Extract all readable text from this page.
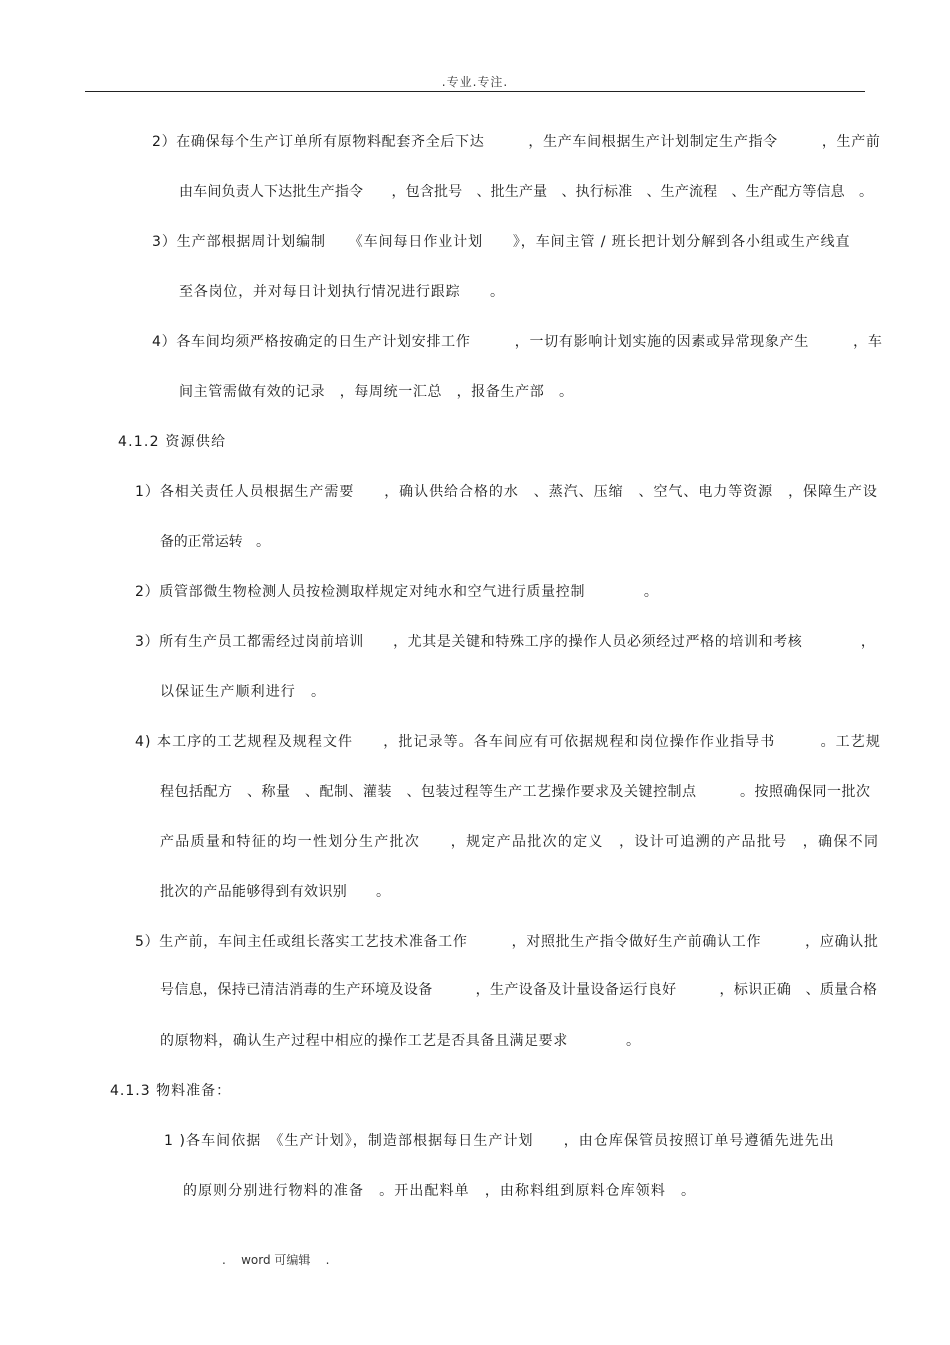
.专业.专注.
2）在确保每个生产订单所有原物料配套齐全后下达　　　，生产车间根据生产计划制定生产指令　　　，生产前
由车间负责人下达批生产指令　　，包含批号　、批生产量　、执行标准　、生产流程　、生产配方等信息　。
3）生产部根据周计划编制　　《车间每日作业计划　　》，车间主管 / 班长把计划分解到各小组或生产线直
至各岗位，并对每日计划执行情况进行跟踪　　。
4）各车间均须严格按确定的日生产计划安排工作　　　，一切有影响计划实施的因素或异常现象产生　　　，车
间主管需做有效的记录　，每周统一汇总　，报备生产部　。
4.1.2 资源供给
1）各相关责任人员根据生产需要　　，确认供给合格的水　、蒸汽、压缩　、空气、电力等资源　，保障生产设
备的正常运转　。
2）质管部微生物检测人员按检测取样规定对纯水和空气进行质量控制　　　　。
3）所有生产员工都需经过岗前培训　　，尤其是关键和特殊工序的操作人员必须经过严格的培训和考核　　　　，
以保证生产顺利进行　。
4) 本工序的工艺规程及规程文件　　，批记录等。各车间应有可依据规程和岗位操作作业指导书　　　。工艺规
程包括配方　、称量　、配制、灌装　、包装过程等生产工艺操作要求及关键控制点　　　。按照确保同一批次
产品质量和特征的均一性划分生产批次　　，规定产品批次的定义　，设计可追溯的产品批号　，确保不同
批次的产品能够得到有效识别　　。
5）生产前，车间主任或组长落实工艺技术准备工作　　　，对照批生产指令做好生产前确认工作　　　，应确认批
号信息，保持已清洁消毒的生产环境及设备　　　，生产设备及计量设备运行良好　　　，标识正确　、质量合格
的原物料，确认生产过程中相应的操作工艺是否具备且满足要求　　　　。
4.1.3 物料准备：
1 )各车间依据　《生产计划》，制造部根据每日生产计划　　，由仓库保管员按照订单号遵循先进先出
的原则分别进行物料的准备　。开出配料单　，由称料组到原料仓库领料　。
.    word 可编辑    .
